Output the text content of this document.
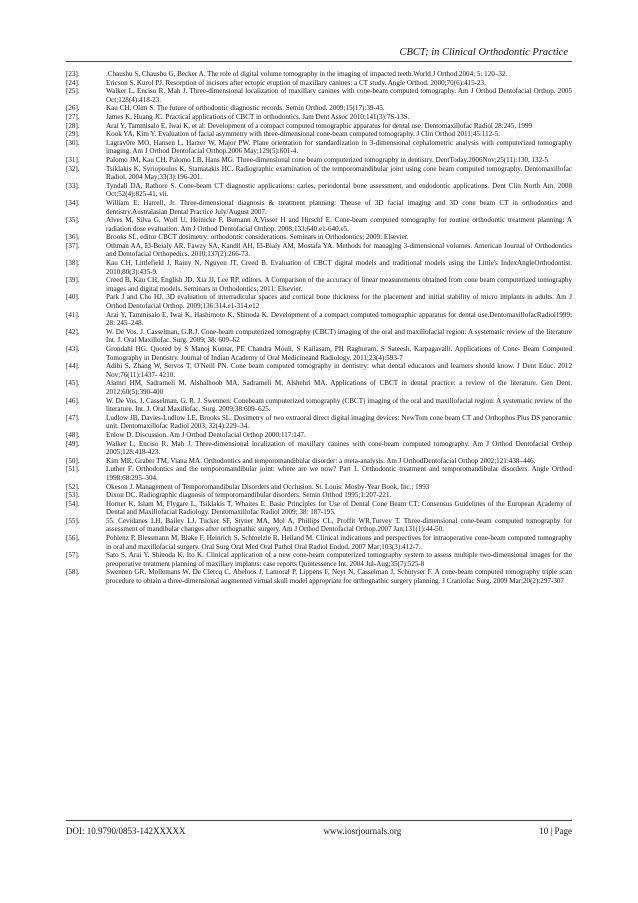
CBCT; in Clinical Orthodontic Practice
[23].	.Chaushu S, Chaushu G, Becker A. The role of digital volume tomography in the imaging of impacted teeth.World J Orthod 2004; 5: 120–32.
[24].	Ericson S, Kurol PJ. Resorption of incisors after ectopic eruption of maxillary canines: a CT study. Angle Orthod. 2000;70(6):415-23.
[25].	Walker L, Enciso R, Mah J. Three-dimensional localization of maxillary canines with cone-beam computed tomography. Am J Orthod Dentofacial Orthop. 2005 Oct;128(4):418-23.
[26].	Kau CH, Olim S. The future of orthodontic diagnostic records. Semin Orthod. 2009;15(17):39-45.
[27].	James K, Huang JC. Practical applications of CBCT in orthodontics. Jam Dent Assoc 2010;141(3):7S-13S.
[28].	Arai Y, Tammisalo E, Iwai K, et al: Development of a compact computed tomographic apparatus for dental use. Dentomaxillofac Radiol 28:245, 1999
[29].	Kook YA, Kim Y. Evaluation of facial asymmetry with three-dimensional cone-beam computed tomography. J Clin Orthod 2011;45:112-5.
[30].	Lagrav0re MO, Hansen L, Harzer W, Major PW. Plane orientation for standardization in 3-dimensional cephalometric analysis with computerized tomography imaging. Am J Orthod Dentofacial Orthop.2006 May;129(5):601-4.
[31].	Palomo JM, Kau CH, Palomo LB, Hans MG. Three-dimensional cone beam computerized tomography in dentistry. DentToday.2006Nov;25(11):130, 132-5.
[32].	Tsiklakis K, Syriopoulos K, Stamatakis HC. Radiographic examination of the temporomandibular joint using cone beam computed tomography. Dentomaxillofac Radiol. 2004 May;33(3):196-201.
[33].	Tyndall DA, Rathore S. Cone-beam CT diagnostic applications: caries, periodontal bone assessment, and endodontic applications. Dent Clin North Am. 2008 Oct;52(4):825-41, vii.
[34].	William E. Harrell, Jr. Three-dimensional diagnosis & treatment planning: Theuse of 3D facial imaging and 3D cone beam CT in orthodontics and dentistry.Australasian Dental Practice July/August 2007.
[35].	Alves M, Silva G, Wolf U, Heinicke F, Bumann A,Visser H and Hirschf E. Cone-beam computed tomography for routine orthodontic treatment planning: A radiation dose evaluation. Am J Orthod Dentofacial Orthop. 2008;133:640.e1-640.e5.
[36].	Brooks SL, editor CBCT dosimetry: orthodontic considerations. Seminars in Orthodontics; 2009: Elsevier.
[37].	Othman AA, El-Beialy AR, Fawzy SA, Kandil AH, El-Bialy AM, Mostafa YA. Methods for managing 3-dimensional volumes. American Journal of Orthodontics and Dentofacial Orthopedics. 2010;137(2):266-73.
[38].	Kau CH, Littlefield J, Rainy N, Nguyen JT, Creed B. Evaluation of CBCT digital models and traditional models using the Little's IndexAngleOrthodontist. 2010;80(3):435-9.
[39].	Creed B, Kau CH, English JD, Xia JJ, Lee RP, editors. A Comparison of the accuracy of linear measurements obtained from cone beam computerized tomography images and digital models. Seminars in Orthodontics; 2011: Elsevier.
[40].	Park J and Cho HJ. 3D evaluation of interradicular spaces and cortical bone thickness for the placement and initial stability of micro implants in adults. Am J Orthod Dentofacial Orthop. 2009;136:314.e1-314.e12
[41].	Arai Y, Tammisalo E, Iwai K, Hashimoto K, Shinoda K. Development of a compact computed tomographic apparatus for dental use.DentomaxillofacRadiol1999: 28: 245–248.
[42].	W. De Vos, J. Casselman, G.R.J. Cone-beam computerized tomography (CBCT) imaging of the oral and maxillofacial region: A systematic review of the literature Int. J. Oral Maxillofac. Surg. 2009; 38: 609–62
[43].	Grondahl HG. Quoted by S Manoj Kumar, PE Chandra Mouli, S Kailasam, PH Raghuram, S Sateesh, Karpagavalli. Applications of Cone- Beam Computed Tomography in Dentistry. Journal of Indian Academy of Oral Medicineand Radiology, 2011;23(4):593-7
[44].	Adibi S, Zhang W, Servos T, O'Neill PN. Cone beam computed tomography in dentistry: what dental educators and learners should know. J Dent Educ. 2012 Nov;76(11):1437- 4210.
[45].	Alamri HM, Sadrameli M, Alshalhoob MA, Sadrameli M, Alshehri MA. Applications of CBCT in dental practice: a review of the literature. Gen Dent. 2012;60(5):390-400
[46].	W. De Vos, J. Casselman, G. R. J. Swennen: Conebeam computerized tomography (CBCT) imaging of the oral and maxillofacial region: A systematic review of the literature. Int. J. Oral Maxillofac. Surg. 2009;38:609–625.
[47].	Ludlow JB, Davies-Ludlow LE, Brooks SL. Dosimetry of two extraoral direct digital imaging devices: NewTom cone beam CT and Orthophos Plus DS panoramic unit. Dentomaxillofac Radiol 2003; 32(4):229–34.
[48].	Enlow D. Discussion. Am J Orthod Dentofacial Orthop 2000;117:147.
[49].	Walker L, Enciso R, Mah J. Three-dimensional localization of maxillary canines with cone-beam computed tomography. Am J Orthod Dentofacial Orthop 2005;128:418-423.
[50].	Kim MR, Graber TM, Viana MA. Orthodontics and temporomandibular disorder: a meta-analysis. Am J OrthodDentofacial Orthop 2002;121:438–446.
[51].	Luther F. Orthodontics and the temporomandibular joint: where are we now? Part 1. Orthodontic treatment and temporomandibular disorders. Angle Orthod 1998;68:295–304.
[52].	Okeson J. Management of Temporomandibular Disorders and Occlusion. St. Louis: Mosby-Year Book, Inc.; 1993
[53].	Dixon DC. Radiographic diagnosis of temporomandibular disorders. Semin Orthod 1995;1:207-221.
[54].	Horner K, Islam M, Flygare L, Tsiklakis T, Whaites E. Basic Principles for Use of Dental Cone Beam CT: Consensus Guidelines of the European Academy of Dental and Maxillofacial Radiology. Dentomaxillofac Radiol 2009; 38: 187-195.
[55].	55. Cevidanes LH, Bailey LJ, Tucker SF, Styner MA, Mol A, Phillips CL, Proffit WR,Turvey T. Three-dimensional cone-beam computed tomography for assessment of mandibular changes after orthognathic surgery. Am J Orthod Dentofacial Orthop.2007 Jan;131(1):44-50.
[56].	Pohlenz P, Blessmann M, Blake F, Heinrich S, Schmelzle R, Heiland M. Clinical indications and perspectives for intraoperative cone-beam computed tomography in oral and maxillofacial surgery. Oral Surg Oral Med Oral Pathol Oral Radiol Endod. 2007 Mar;103(3):412-7.
[57].	Sato S, Arai Y, Shinoda K, Ito K. Clinical application of a new cone-beam computerized tomography system to assess multiple two-dimensional images for the preoperative treatment planning of maxillary implants: case reports Quintessence Int. 2004 Jul-Aug;35(7):525-8
[58].	Swennen GR, Mollemans W, De Clercq C, Abeloos J, Lamoral P, Lippens F, Neyt N, Casselman J, Schutyser F. A cone-beam computed tomography triple scan procedure to obtain a three-dimensional augmented virtual skull model appropriate for orthognathic surgery planning. J Craniofac Surg. 2009 Mar;20(2):297-307
DOI: 10.9790/0853-142XXXXX	www.iosrjournals.org	10 | Page
